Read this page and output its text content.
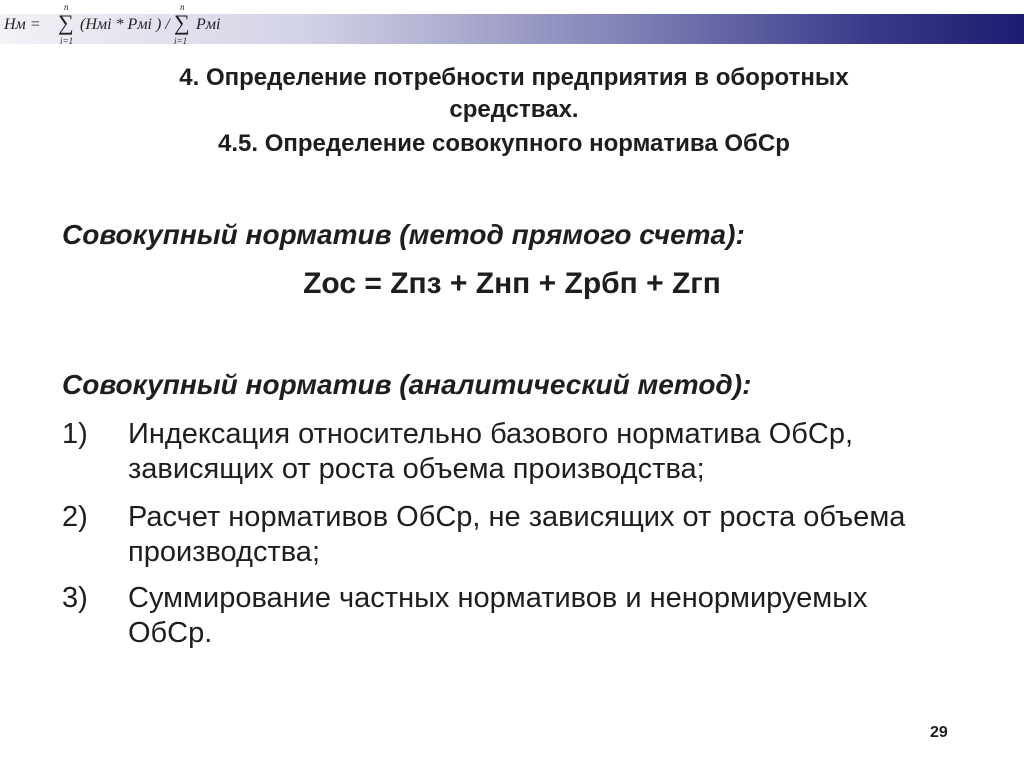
Hм =
n
∑
i=1
(Hмi * Pмi ) /
n
∑
i=1
Pмi
4. Определение потребности предприятия в оборотных
средствах.
4.5. Определение совокупного норматива ОбСр
Совокупный норматив (метод прямого счета):
Zос = Zпз + Zнп + Zрбп + Zгп
Совокупный норматив (аналитический метод):
1) Индексация относительно базового норматива ОбСр, зависящих от роста объема производства;
2) Расчет нормативов ОбСр, не зависящих от роста объема производства;
3) Суммирование частных нормативов и ненормируемых ОбСр.
29
